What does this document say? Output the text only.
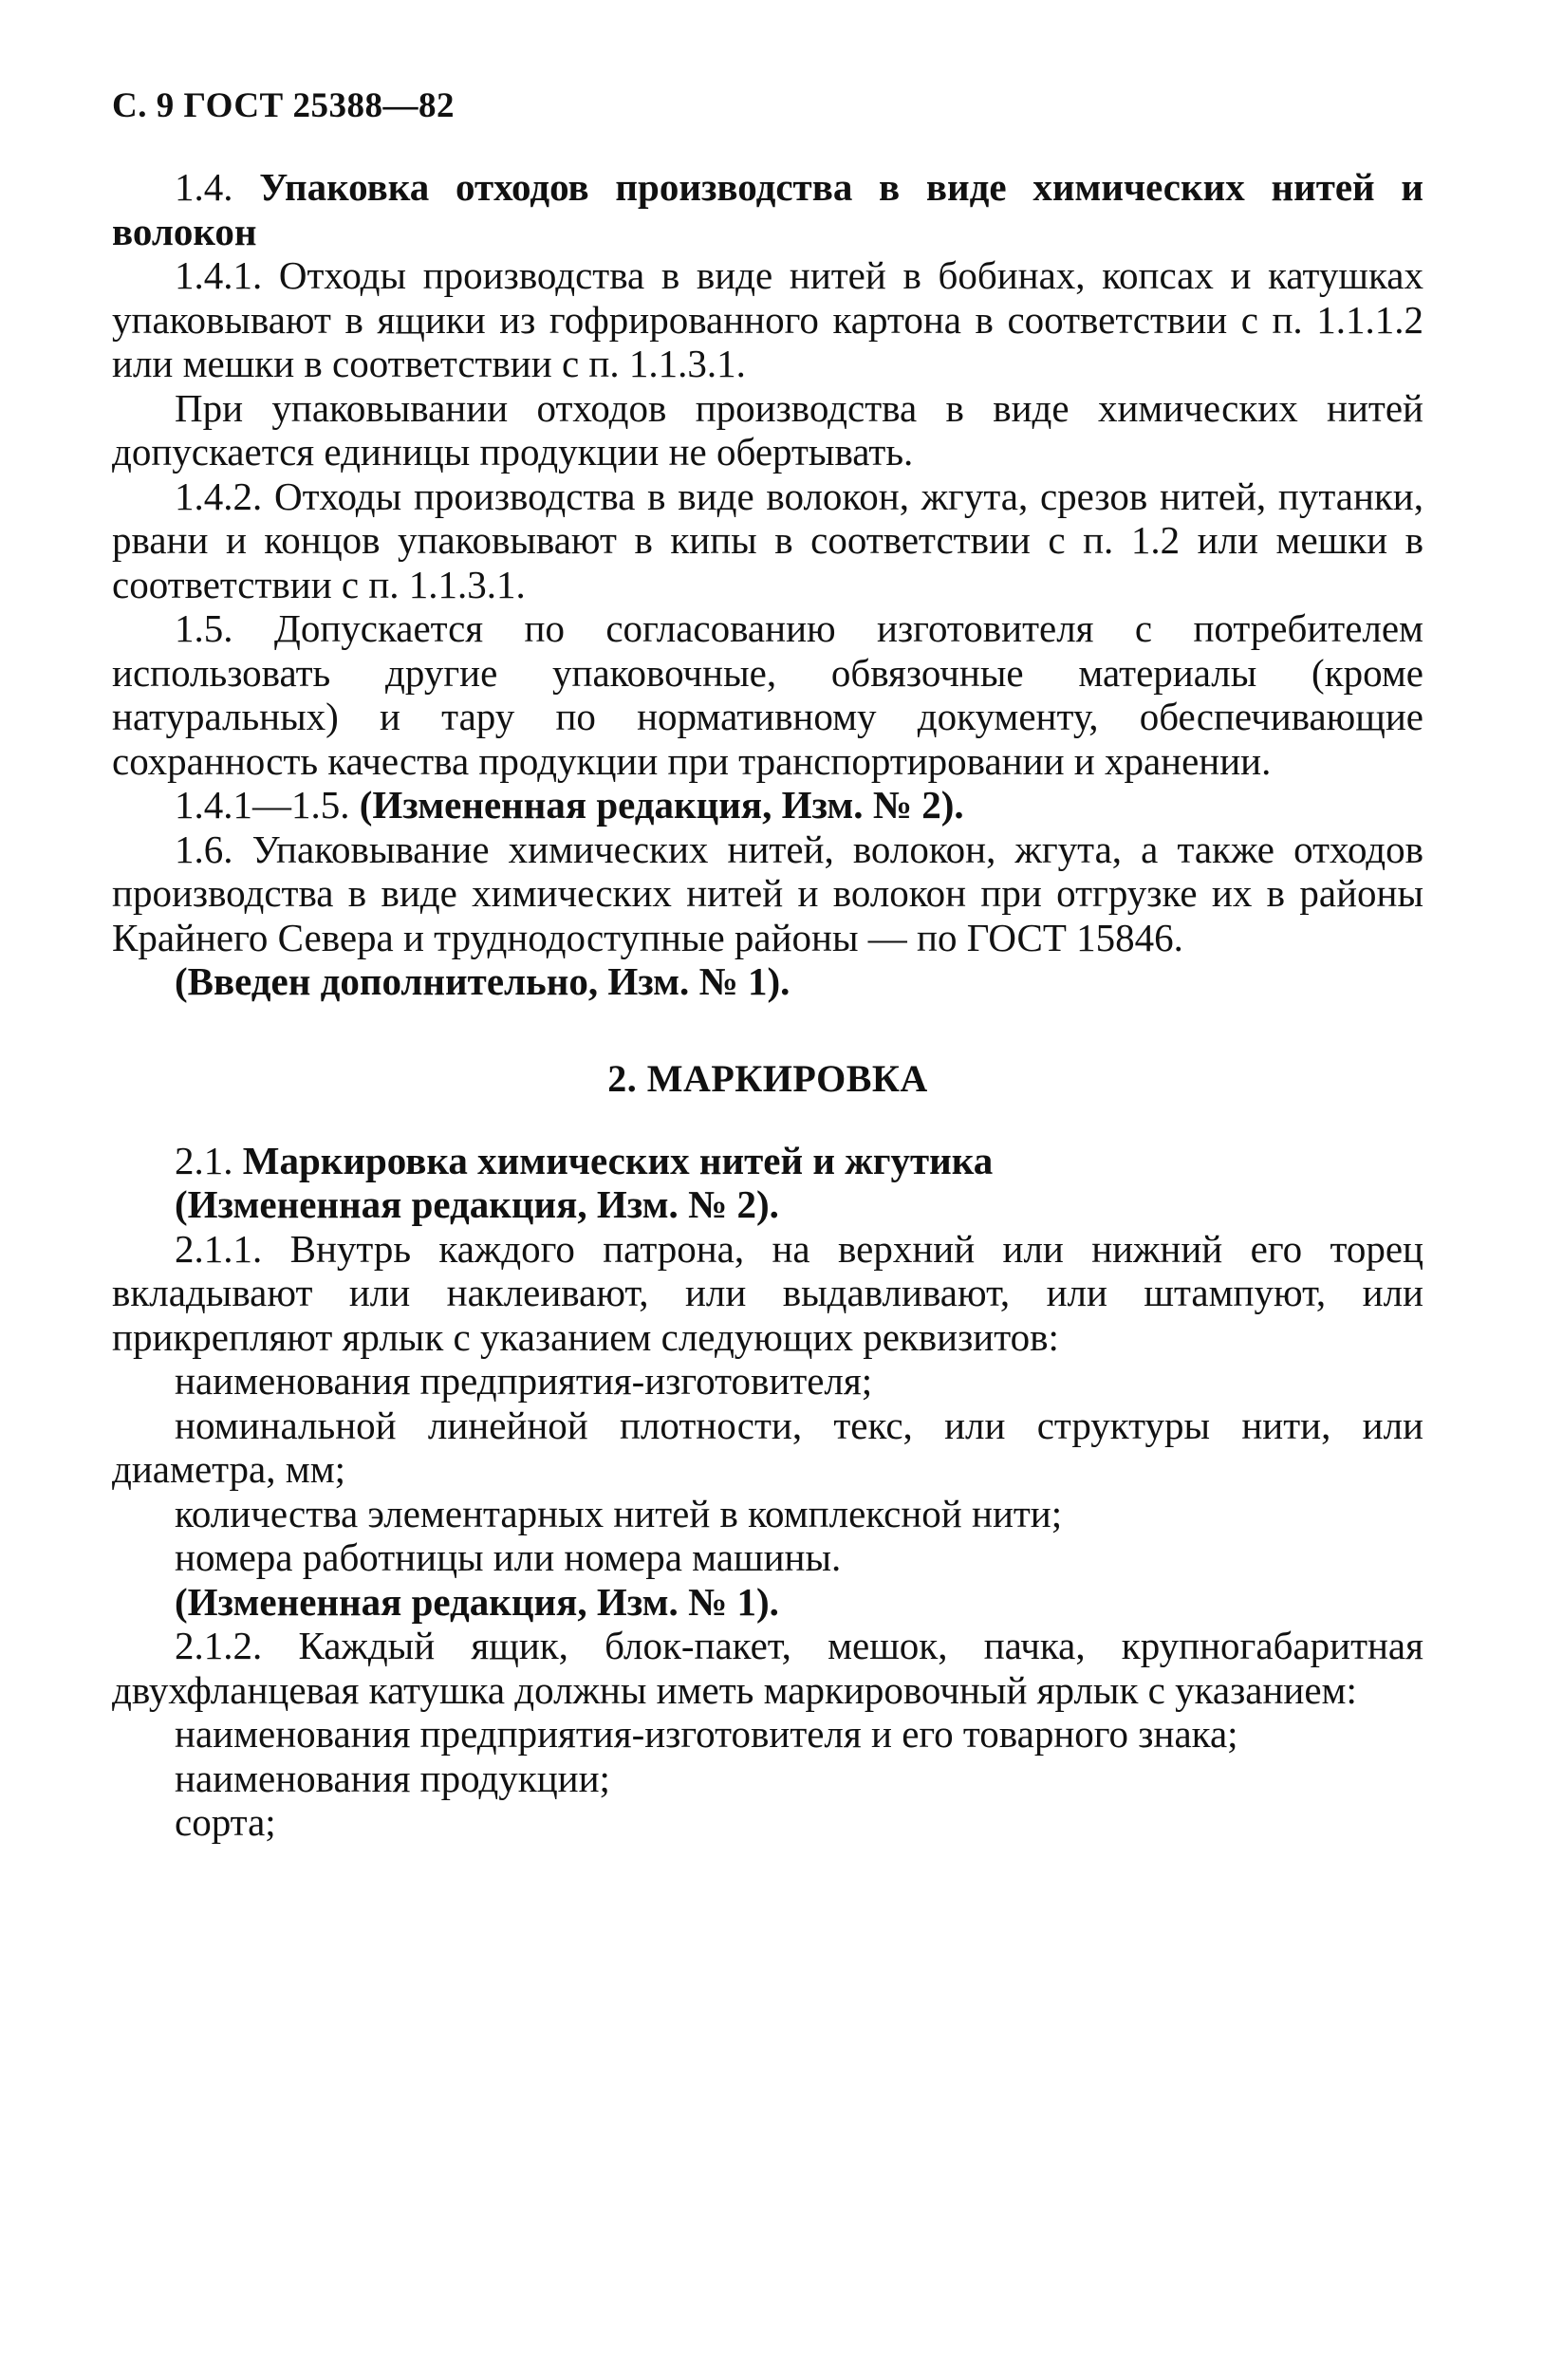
С. 9 ГОСТ 25388—82

1.4. Упаковка отходов производства в виде химических нитей и волокон

1.4.1. Отходы производства в виде нитей в бобинах, копсах и катушках упаковывают в ящики из гофрированного картона в соответствии с п. 1.1.1.2 или мешки в соответствии с п. 1.1.3.1.

При упаковывании отходов производства в виде химических нитей допускается единицы продукции не обертывать.

1.4.2. Отходы производства в виде волокон, жгута, срезов нитей, путанки, рвани и концов упаковывают в кипы в соответствии с п. 1.2 или мешки в соответствии с п. 1.1.3.1.

1.5. Допускается по согласованию изготовителя с потребителем использовать другие упаковочные, обвязочные материалы (кроме натуральных) и тару по нормативному документу, обеспечивающие сохранность качества продукции при транспортировании и хранении.

1.4.1—1.5. (Измененная редакция, Изм. № 2).

1.6. Упаковывание химических нитей, волокон, жгута, а также отходов производства в виде химических нитей и волокон при отгрузке их в районы Крайнего Севера и труднодоступные районы — по ГОСТ 15846.

(Введен дополнительно, Изм. № 1).

2. МАРКИРОВКА

2.1. Маркировка химических нитей и жгутика

(Измененная редакция, Изм. № 2).

2.1.1. Внутрь каждого патрона, на верхний или нижний его торец вкладывают или наклеивают, или выдавливают, или штампуют, или прикрепляют ярлык с указанием следующих реквизитов:

наименования предприятия-изготовителя;

номинальной линейной плотности, текс, или структуры нити, или диаметра, мм;

количества элементарных нитей в комплексной нити;

номера работницы или номера машины.

(Измененная редакция, Изм. № 1).

2.1.2. Каждый ящик, блок-пакет, мешок, пачка, крупногабаритная двухфланцевая катушка должны иметь маркировочный ярлык с указанием:

наименования предприятия-изготовителя и его товарного знака;

наименования продукции;

сорта;
